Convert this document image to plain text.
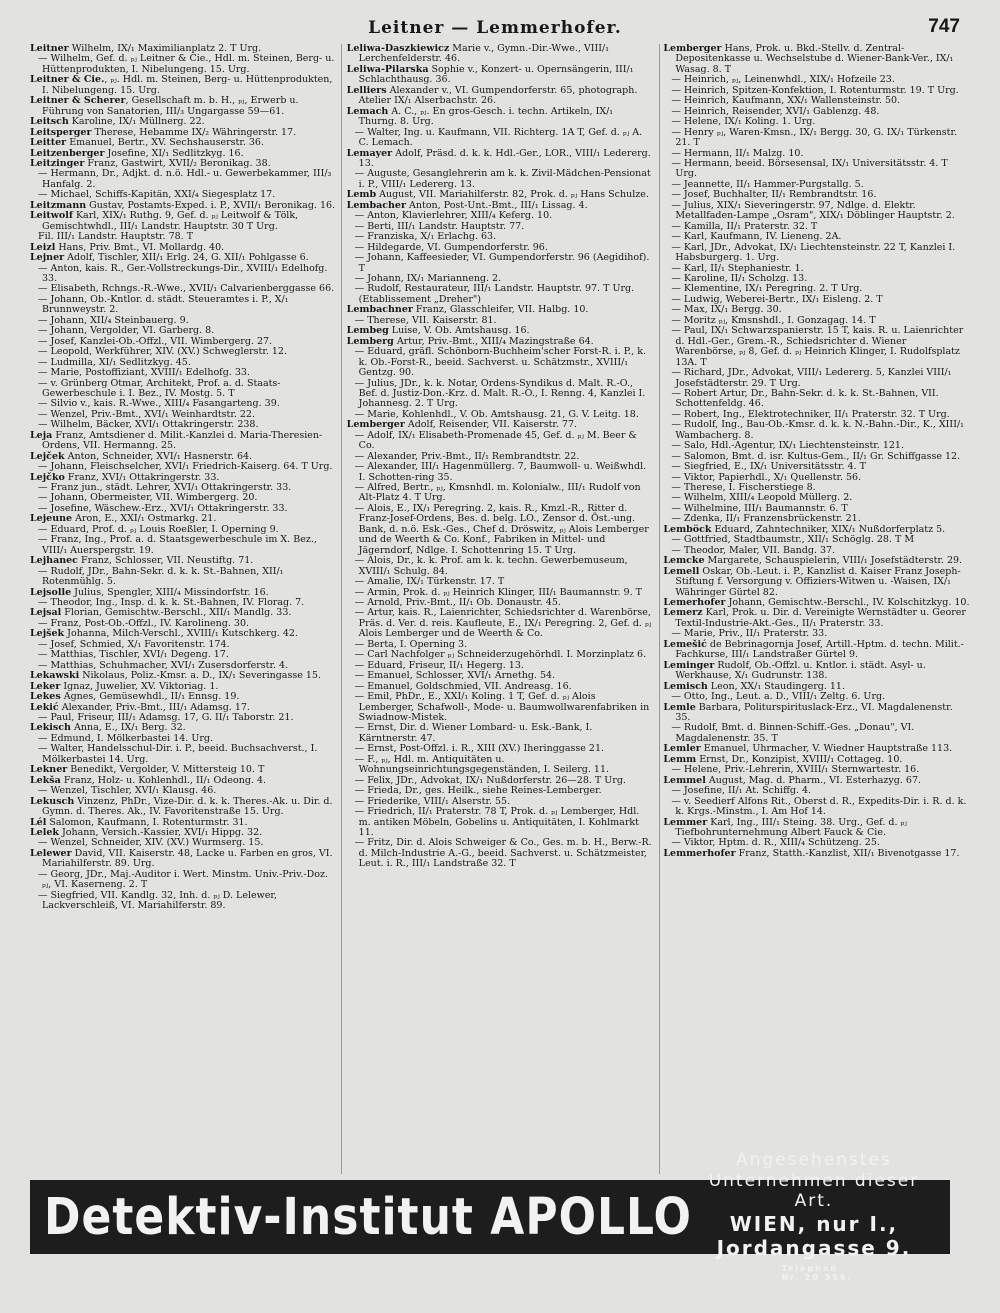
Leitner — Lemmerhofer.	747

Leitner Wilhelm, IX/₁ Maximilianplatz 2. T Urg.

— Wilhelm, Gef. d. ₚⱼ Leitner & Cie., Hdl. m. Steinen, Berg- u. Hüttenprodukten, I. Nibelungeng. 15. Urg.

Leitner & Cie., ₚⱼ. Hdl. m. Steinen, Berg- u. Hüttenprodukten, I. Nibelungeng. 15. Urg.

Leitner & Scherer, Gesellschaft m. b. H., ₚⱼ, Erwerb u. Führung von Sanatorien, III/₃ Ungargasse 59—61.

Leitsch Karoline, IX/₁ Müllnerg. 22.

Leitsperger Therese, Hebamme IX/₂ Währingerstr. 17.

Leitter Emanuel, Bertr., XV. Sechshauserstr. 36.

Leitzenberger Josefine, XI/₁ Sedlitzkyg. 16.

Leitzinger Franz, Gastwirt, XVII/₂ Beronikag. 38.

— Hermann, Dr., Adjkt. d. n.ö. Hdl.- u. Gewerbekammer, III/₃ Hanfalg. 2.

— Michael, Schiffs-Kapitän, XXI/₄ Siegesplatz 17.

Leitzmann Gustav, Postamts-Exped. i. P., XVII/₁ Beronikag. 16.

Leitwolf Karl, XIX/₁ Ruthg. 9, Gef. d. ₚⱼ Leitwolf & Tölk, Gemischtwhdl., III/₁ Landstr. Hauptstr. 30 T Urg.

Fil. III/₁ Landstr. Hauptstr. 78. T

Leizl Hans, Priv. Bmt., VI. Mollardg. 40.

Lejner Adolf, Tischler, XII/₁ Erlg. 24, G. XII/₁ Pohlgasse 6.

— Anton, kais. R., Ger.-Vollstreckungs-Dir., XVIII/₁ Edelhofg. 33.

— Elisabeth, Rchngs.-R.-Wwe., XVII/₁ Calvarienberggasse 66.

— Johann, Ob.-Kntlor. d. städt. Steueramtes i. P., X/₁ Brunnweystr. 2.

— Johann, XII/₄ Steinbauerg. 9.

— Johann, Vergolder, VI. Garberg. 8.

— Josef, Kanzlei-Ob.-Offzl., VII. Wimbergerg. 27.

— Leopold, Werkführer, XIV. (XV.) Schweglerstr. 12.

— Ludmilla, XI/₁ Sedlitzkyg. 45.

— Marie, Postoffiziant, XVIII/₁ Edelhofg. 33.

— v. Grünberg Otmar, Architekt, Prof. a. d. Staats-Gewerbeschule i. I. Bez., IV. Mostg. 5. T

— Silvio v., kais. R.-Wwe., XIII/₄ Fasangarteng. 39.

— Wenzel, Priv.-Bmt., XVI/₁ Weinhardtstr. 22.

— Wilhelm, Bäcker, XVI/₁ Ottakringerstr. 238.

Leja Franz, Amtsdiener d. Milit.-Kanzlei d. Maria-Theresien-Ordens, VII. Hermanng. 25.

Lejček Anton, Schneider, XVI/₁ Hasnerstr. 64.

— Johann, Fleischselcher, XVI/₁ Friedrich-Kaiserg. 64. T Urg.

Lejčko Franz, XVI/₁ Ottakringerstr. 33.

— Franz jun., städt. Lehrer, XVI/₁ Ottakringerstr. 33.

— Johann, Obermeister, VII. Wimbergerg. 20.

— Josefine, Wäschew.-Erz., XVI/₁ Ottakringerstr. 33.

Lejeune Aron, E., XXI/₁ Ostmarkg. 21.

— Eduard, Prof. d. ₚⱼ Louis Roeßler, I. Operning 9.

— Franz, Ing., Prof. a. d. Staatsgewerbeschule im X. Bez., VIII/₁ Auerspergstr. 19.

Lejhanec Franz, Schlosser, VII. Neustiftg. 71.

— Rudolf, JDr., Bahn-Sekr. d. k. k. St.-Bahnen, XII/₁ Rotenmühlg. 5.

Lejsolle Julius, Spengler, XIII/₄ Missindorfstr. 16.

— Theodor, Ing., Insp. d. k. k. St.-Bahnen, IV. Florag. 7.

Lejsal Florian, Gemischtw.-Berschl., XII/₁ Mandlg. 33.

— Franz, Post-Ob.-Offzl., IV. Karolineng. 30.

Lejšek Johanna, Milch-Verschl., XVIII/₁ Kutschkerg. 42.

— Josef, Schmied, X/₁ Favoritenstr. 174.

— Matthias, Tischler, XVI/₁ Degeng. 17.

— Matthias, Schuhmacher, XVI/₁ Zusersdorferstr. 4.

Lekawski Nikolaus, Poliz.-Kmsr. a. D., IX/₁ Severingasse 15.

Leker Ignaz, Juwelier, XV. Viktoriag. 1.

Lekes Agnes, Gemüsewhdl., II/₁ Ennsg. 19.

Lekić Alexander, Priv.-Bmt., III/₁ Adamsg. 17.

— Paul, Friseur, III/₁ Adamsg. 17, G. II/₁ Taborstr. 21.

Lekisch Anna, E., IX/₁ Berg. 32.

— Edmund, I. Mölkerbastei 14. Urg.

— Walter, Handelsschul-Dir. i. P., beeid. Buchsachverst., I. Mölkerbastei 14. Urg.

Lekner Benedikt, Vergolder, V. Mittersteig 10. T

Lekša Franz, Holz- u. Kohlenhdl., II/₁ Odeong. 4.

— Wenzel, Tischler, XVI/₁ Klausg. 46.

Lekusch Vinzenz, PhDr., Vize-Dir. d. k. k. Theres.-Ak. u. Dir. d. Gymn. d. Theres. Ak., IV. Favoritenstraße 15. Urg.

Lél Salomon, Kaufmann, I. Rotenturmstr. 31.

Lelek Johann, Versich.-Kassier, XVI/₁ Hippg. 32.

— Wenzel, Schneider, XIV. (XV.) Wurmserg. 15.

Lelewer David, VII. Kaiserstr. 48, Lacke u. Farben en gros, VI. Mariahilferstr. 89. Urg.

— Georg, JDr., Maj.-Auditor i. Wert. Minstm. Univ.-Priv.-Doz. ₚⱼ, VI. Kaserneng. 2. T

— Siegfried, VII. Kandlg. 32, Inh. d. ₚⱼ D. Lelewer, Lackverschleiß, VI. Mariahilferstr. 89.

Leliwa-Daszkiewicz Marie v., Gymn.-Dir.-Wwe., VIII/₁ Lerchenfelderstr. 46.

Leliwa-Pilarska Sophie v., Konzert- u. Opernsängerin, III/₁ Schlachthausg. 36.

Lelliers Alexander v., VI. Gumpendorferstr. 65, photograph. Atelier IX/₁ Alserbachstr. 26.

Lemach A. C., ₚⱼ. En gros-Gesch. i. techn. Artikeln, IX/₁ Thurng. 8. Urg.

— Walter, Ing. u. Kaufmann, VII. Richterg. 1A T, Gef. d. ₚⱼ A. C. Lemach.

Lemayer Adolf, Präsd. d. k. k. Hdl.-Ger., LOR., VIII/₁ Ledererg. 13.

— Auguste, Gesanglehrerin am k. k. Zivil-Mädchen-Pensionat i. P., VIII/₁ Ledererg. 13.

Lemb August, VII. Mariahilferstr. 82, Prok. d. ₚⱼ Hans Schulze.

Lembacher Anton, Post-Unt.-Bmt., III/₁ Lissag. 4.

— Anton, Klavierlehrer, XIII/₄ Keferg. 10.

— Berti, III/₁ Landstr. Hauptstr. 77.

— Franziska, X/₁ Erlachg. 63.

— Hildegarde, VI. Gumpendorferstr. 96.

— Johann, Kaffeesieder, VI. Gumpendorferstr. 96 (Aegidihof). T

— Johann, IX/₁ Marianneng. 2.

— Rudolf, Restaurateur, III/₁ Landstr. Hauptstr. 97. T Urg. (Etablissement „Dreher")

Lembachner Franz, Glasschleifer, VII. Halbg. 10.

— Therese, VII. Kaiserstr. 81.

Lembeg Luise, V. Ob. Amtshausg. 16.

Lemberg Artur, Priv.-Bmt., XIII/₄ Mazingstraße 64.

— Eduard, gräfl. Schönborn-Buchheim'scher Forst-R. i. P., k. k. Ob.-Forst-R., beeid. Sachverst. u. Schätzmstr., XVIII/₁ Gentzg. 90.

— Julius, JDr., k. k. Notar, Ordens-Syndikus d. Malt. R.-O., Bef. d. Justiz-Don.-Krz. d. Malt. R.-O., I. Renng. 4, Kanzlei I. Johannesg. 2. T Urg.

— Marie, Kohlenhdl., V. Ob. Amtshausg. 21, G. V. Leitg. 18.

Lemberger Adolf, Reisender, VII. Kaiserstr. 77.

— Adolf, IX/₁ Elisabeth-Promenade 45, Gef. d. ₚⱼ M. Beer & Co.

— Alexander, Priv.-Bmt., II/₁ Rembrandtstr. 22.

— Alexander, III/₁ Hagenmüllerg. 7, Baumwoll- u. Weißwhdl. I. Schotten-ring 35.

— Alfred, Bertr., ₚⱼ, Kmsnhdl. m. Kolonialw., III/₁ Rudolf von Alt-Platz 4. T Urg.

— Alois, E., IX/₁ Peregring. 2, kais. R., Kmzl.-R., Ritter d. Franz-Josef-Ordens, Bes. d. belg. LO., Zensor d. Öst.-ung. Bank, d. n.ö. Esk.-Ges., Chef d. Dröswitz, ₚⱼ Alois Lemberger und de Weerth & Co. Konf., Fabriken in Mittel- und Jägerndorf, Ndlge. I. Schottenring 15. T Urg.

— Alois, Dr., k. k. Prof. am k. k. techn. Gewerbemuseum, XVIII/₁ Schulg. 84.

— Amalie, IX/₁ Türkenstr. 17. T

— Armin, Prok. d. ₚⱼ Heinrich Klinger, III/₁ Baumannstr. 9. T

— Arnold, Priv.-Bmt., II/₁ Ob. Donaustr. 45.

— Artur, kais. R., Laienrichter, Schiedsrichter d. Warenbörse, Präs. d. Ver. d. reis. Kaufleute, E., IX/₁ Peregring. 2, Gef. d. ₚⱼ Alois Lemberger und de Weerth & Co.

— Berta, I. Operning 3.

— Carl Nachfolger ₚⱼ Schneiderzugehörhdl. I. Morzinplatz 6.

— Eduard, Friseur, II/₁ Hegerg. 13.

— Emanuel, Schlosser, XVI/₁ Arnethg. 54.

— Emanuel, Goldschmied, VII. Andreasg. 16.

— Emil, PhDr., E., XXI/₁ Koling. 1 T, Gef. d. ₚⱼ Alois Lemberger, Schafwoll-, Mode- u. Baumwollwarenfabriken in Swiadnow-Mistek.

— Ernst, Dir. d. Wiener Lombard- u. Esk.-Bank, I. Kärntnerstr. 47.

— Ernst, Post-Offzl. i. R., XIII (XV.) Iheringgasse 21.

— F., ₚⱼ, Hdl. m. Antiquitäten u. Wohnungseinrichtungsgegenständen, I. Seilerg. 11.

— Felix, JDr., Advokat, IX/₁ Nußdorferstr. 26—28. T Urg.

— Frieda, Dr., ges. Heilk., siehe Reines-Lemberger.

— Friederike, VIII/₁ Alserstr. 55.

— Friedrich, II/₁ Praterstr. 78 T, Prok. d. ₚⱼ Lemberger, Hdl. m. antiken Möbeln, Gobelins u. Antiquitäten, I. Kohlmarkt 11.

— Fritz, Dir. d. Alois Schweiger & Co., Ges. m. b. H., Berw.-R. d. Milch-Industrie A.-G., beeid. Sachverst. u. Schätzmeister, Leut. i. R., III/₁ Landstraße 32. T

Lemberger Hans, Prok. u. Bkd.-Stellv. d. Zentral-Depositenkasse u. Wechselstube d. Wiener-Bank-Ver., IX/₁ Wasag. 8. T

— Heinrich, ₚⱼ, Leinenwhdl., XIX/₁ Hofzeile 23.

— Heinrich, Spitzen-Konfektion, I. Rotenturmstr. 19. T Urg.

— Heinrich, Kaufmann, XX/₁ Wallensteinstr. 50.

— Heinrich, Reisender, XVI/₁ Gablenzg. 48.

— Helene, IX/₁ Koling. 1. Urg.

— Henry ₚⱼ, Waren-Kmsn., IX/₁ Bergg. 30, G. IX/₁ Türkenstr. 21. T

— Hermann, II/₁ Malzg. 10.

— Hermann, beeid. Börsesensal, IX/₁ Universitätsstr. 4. T Urg.

— Jeannette, II/₁ Hammer-Purgstallg. 5.

— Josef, Buchhalter, II/₁ Rembrandtstr. 16.

— Julius, XIX/₁ Sieveringerstr. 97, Ndlge. d. Elektr. Metallfaden-Lampe „Osram", XIX/₁ Döblinger Hauptstr. 2.

— Kamilla, II/₁ Praterstr. 32. T

— Karl, Kaufmann, IV. Lieneng. 2A.

— Karl, JDr., Advokat, IX/₁ Liechtensteinstr. 22 T, Kanzlei I. Habsburgerg. 1. Urg.

— Karl, II/₁ Stephaniestr. 1.

— Karoline, II/₁ Scholzg. 13.

— Klementine, IX/₁ Peregring. 2. T Urg.

— Ludwig, Weberei-Bertr., IX/₁ Eisleng. 2. T

— Max, IX/₁ Bergg. 30.

— Moritz ₚⱼ, Kmsnshdl., I. Gonzagag. 14. T

— Paul, IX/₁ Schwarzspanierstr. 15 T, kais. R. u. Laienrichter d. Hdl.-Ger., Grem.-R., Schiedsrichter d. Wiener Warenbörse, ₚⱼ 8, Gef. d. ₚⱼ Heinrich Klinger, I. Rudolfsplatz 13A. T

— Richard, JDr., Advokat, VIII/₁ Ledererg. 5, Kanzlei VIII/₁ Josefstädterstr. 29. T Urg.

— Robert Artur, Dr., Bahn-Sekr. d. k. k. St.-Bahnen, VII. Schottenfeldg. 46.

— Robert, Ing., Elektrotechniker, II/₁ Praterstr. 32. T Urg.

— Rudolf, Ing., Bau-Ob.-Kmsr. d. k. k. N.-Bahn.-Dir., K., XIII/₁ Wambacherg. 8.

— Salo, Hdl.-Agentur, IX/₁ Liechtensteinstr. 121.

— Salomon, Bmt. d. isr. Kultus-Gem., II/₁ Gr. Schiffgasse 12.

— Siegfried, E., IX/₁ Universitätsstr. 4. T

— Viktor, Papierhdl., X/₁ Quellenstr. 56.

— Therese, I. Fischerstiege 8.

— Wilhelm, XIII/₄ Leopold Müllerg. 2.

— Wilhelmine, III/₁ Baumannstr. 6. T

— Zdenka, II/₁ Franzensbrückenstr. 21.

Lemböck Eduard, Zahntechniker, XIX/₁ Nußdorferplatz 5.

— Gottfried, Stadtbaumstr., XII/₁ Schöglg. 28. T M

— Theodor, Maler, VII. Bandg. 37.

Lemcke Margarete, Schauspielerin, VIII/₁ Josefstädterstr. 29.

Lemell Oskar, Ob.-Leut. i. P., Kanzlist d. Kaiser Franz Joseph-Stiftung f. Versorgung v. Offiziers-Witwen u. -Waisen, IX/₁ Währinger Gürtel 82.

Lemerhofer Johann, Gemischtw.-Berschl., IV. Kolschitzkyg. 10.

Lemerz Karl, Prok. u. Dir. d. Vereinigte Wernstädter u. Georer Textil-Industrie-Akt.-Ges., II/₁ Praterstr. 33.

— Marie, Priv., II/₁ Praterstr. 33.

Lemešić de Bebrinagornja Josef, Artill.-Hptm. d. techn. Milit.-Fachkurse, III/₁ Landstraßer Gürtel 9.

Leminger Rudolf, Ob.-Offzl. u. Kntlor. i. städt. Asyl- u. Werkhause, X/₁ Gudrunstr. 138.

Lemisch Leon, XX/₁ Staudingerg. 11.

— Otto, Ing., Leut. a. D., VIII/₁ Zeltg. 6. Urg.

Lemle Barbara, Politurspirituslack-Erz., VI. Magdalenenstr. 35.

— Rudolf, Bmt. d. Binnen-Schiff.-Ges. „Donau", VI. Magdalenenstr. 35. T

Lemler Emanuel, Uhrmacher, V. Wiedner Hauptstraße 113.

Lemm Ernst, Dr., Konzipist, XVIII/₁ Cottageg. 10.

— Helene, Priv.-Lehrerin, XVIII/₁ Sternwartestr. 16.

Lemmel August, Mag. d. Pharm., VI. Esterhazyg. 67.

— Josefine, II/₁ At. Schiffg. 4.

— v. Seedierf Alfons Rit., Oberst d. R., Expedits-Dir. i. R. d. k. k. Krgs.-Minstm., I. Am Hof 14.

Lemmer Karl, Ing., III/₁ Steing. 38. Urg., Gef. d. ₚⱼ Tiefbohrunternehmung Albert Fauck & Cie.

— Viktor, Hptm. d. R., XIII/₄ Schützeng. 25.

Lemmerhofer Franz, Statth.-Kanzlist, XII/₁ Bivenotgasse 17.

Detektiv-Institut APOLLO
Angesehenstes Unternehmen dieser Art.
WIEN, nur I., Jordangasse 9. Telephon
Nr. 20 556.
